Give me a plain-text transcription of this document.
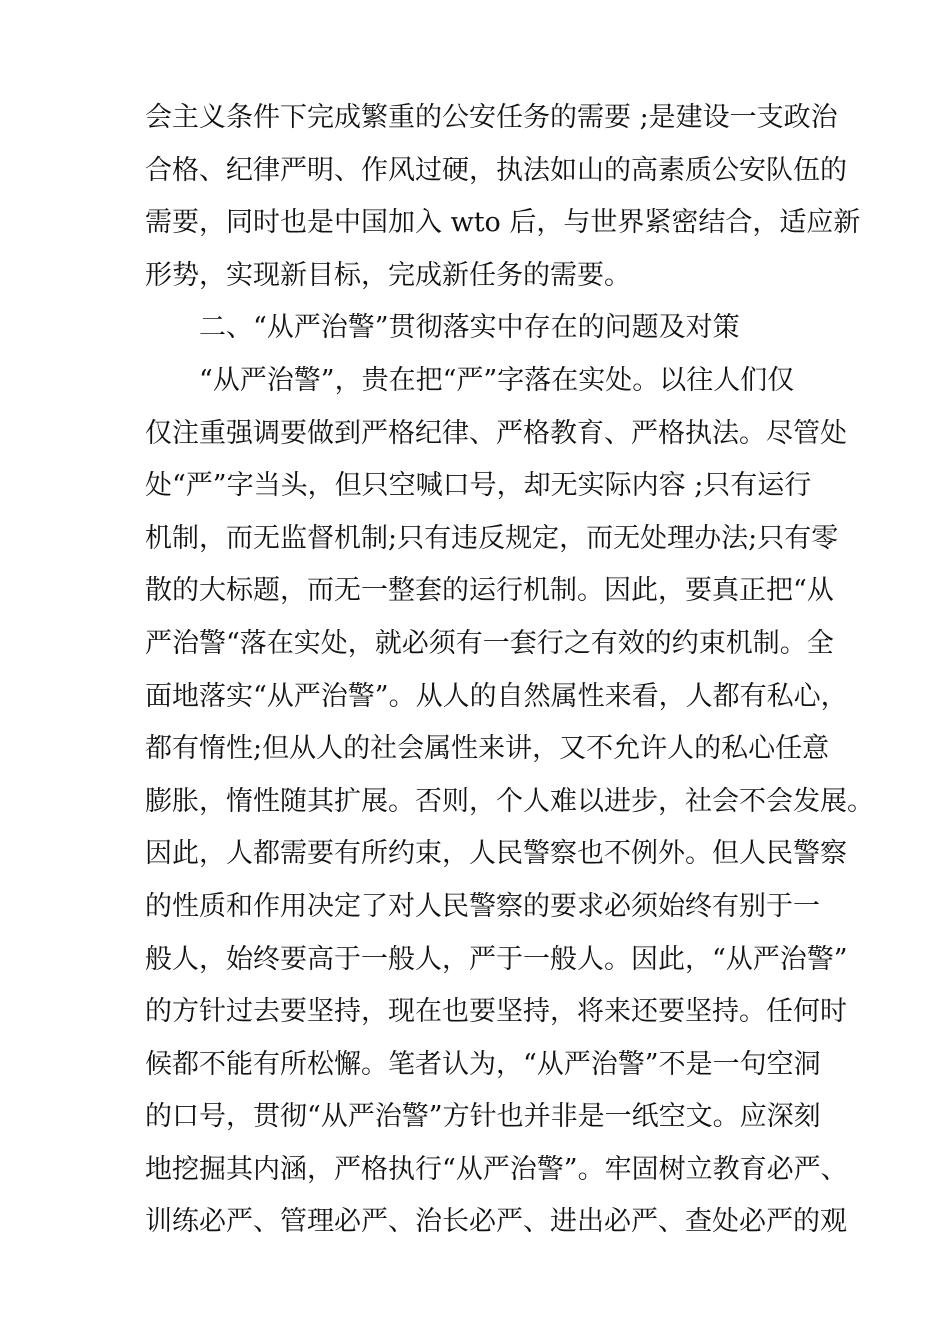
会主义条件下完成繁重的公安任务的需要 ;是建设一支政治
合格、纪律严明、作风过硬，执法如山的高素质公安队伍的
需要，同时也是中国加入 wto 后，与世界紧密结合，适应新
形势，实现新目标，完成新任务的需要。
二、“从严治警”贯彻落实中存在的问题及对策
“从严治警”，贵在把“严”字落在实处。以往人们仅
仅注重强调要做到严格纪律、严格教育、严格执法。尽管处
处“严”字当头，但只空喊口号，却无实际内容 ;只有运行
机制，而无监督机制;只有违反规定，而无处理办法;只有零
散的大标题，而无一整套的运行机制。因此，要真正把“从
严治警“落在实处，就必须有一套行之有效的约束机制。全
面地落实“从严治警”。从人的自然属性来看，人都有私心，
都有惰性;但从人的社会属性来讲，又不允许人的私心任意
膨胀，惰性随其扩展。否则，个人难以进步，社会不会发展。
因此，人都需要有所约束，人民警察也不例外。但人民警察
的性质和作用决定了对人民警察的要求必须始终有别于一
般人，始终要高于一般人，严于一般人。因此，“从严治警”
的方针过去要坚持，现在也要坚持，将来还要坚持。任何时
候都不能有所松懈。笔者认为，“从严治警”不是一句空洞
的口号，贯彻“从严治警”方针也并非是一纸空文。应深刻
地挖掘其内涵，严格执行“从严治警”。牢固树立教育必严、
训练必严、管理必严、治长必严、进出必严、查处必严的观
